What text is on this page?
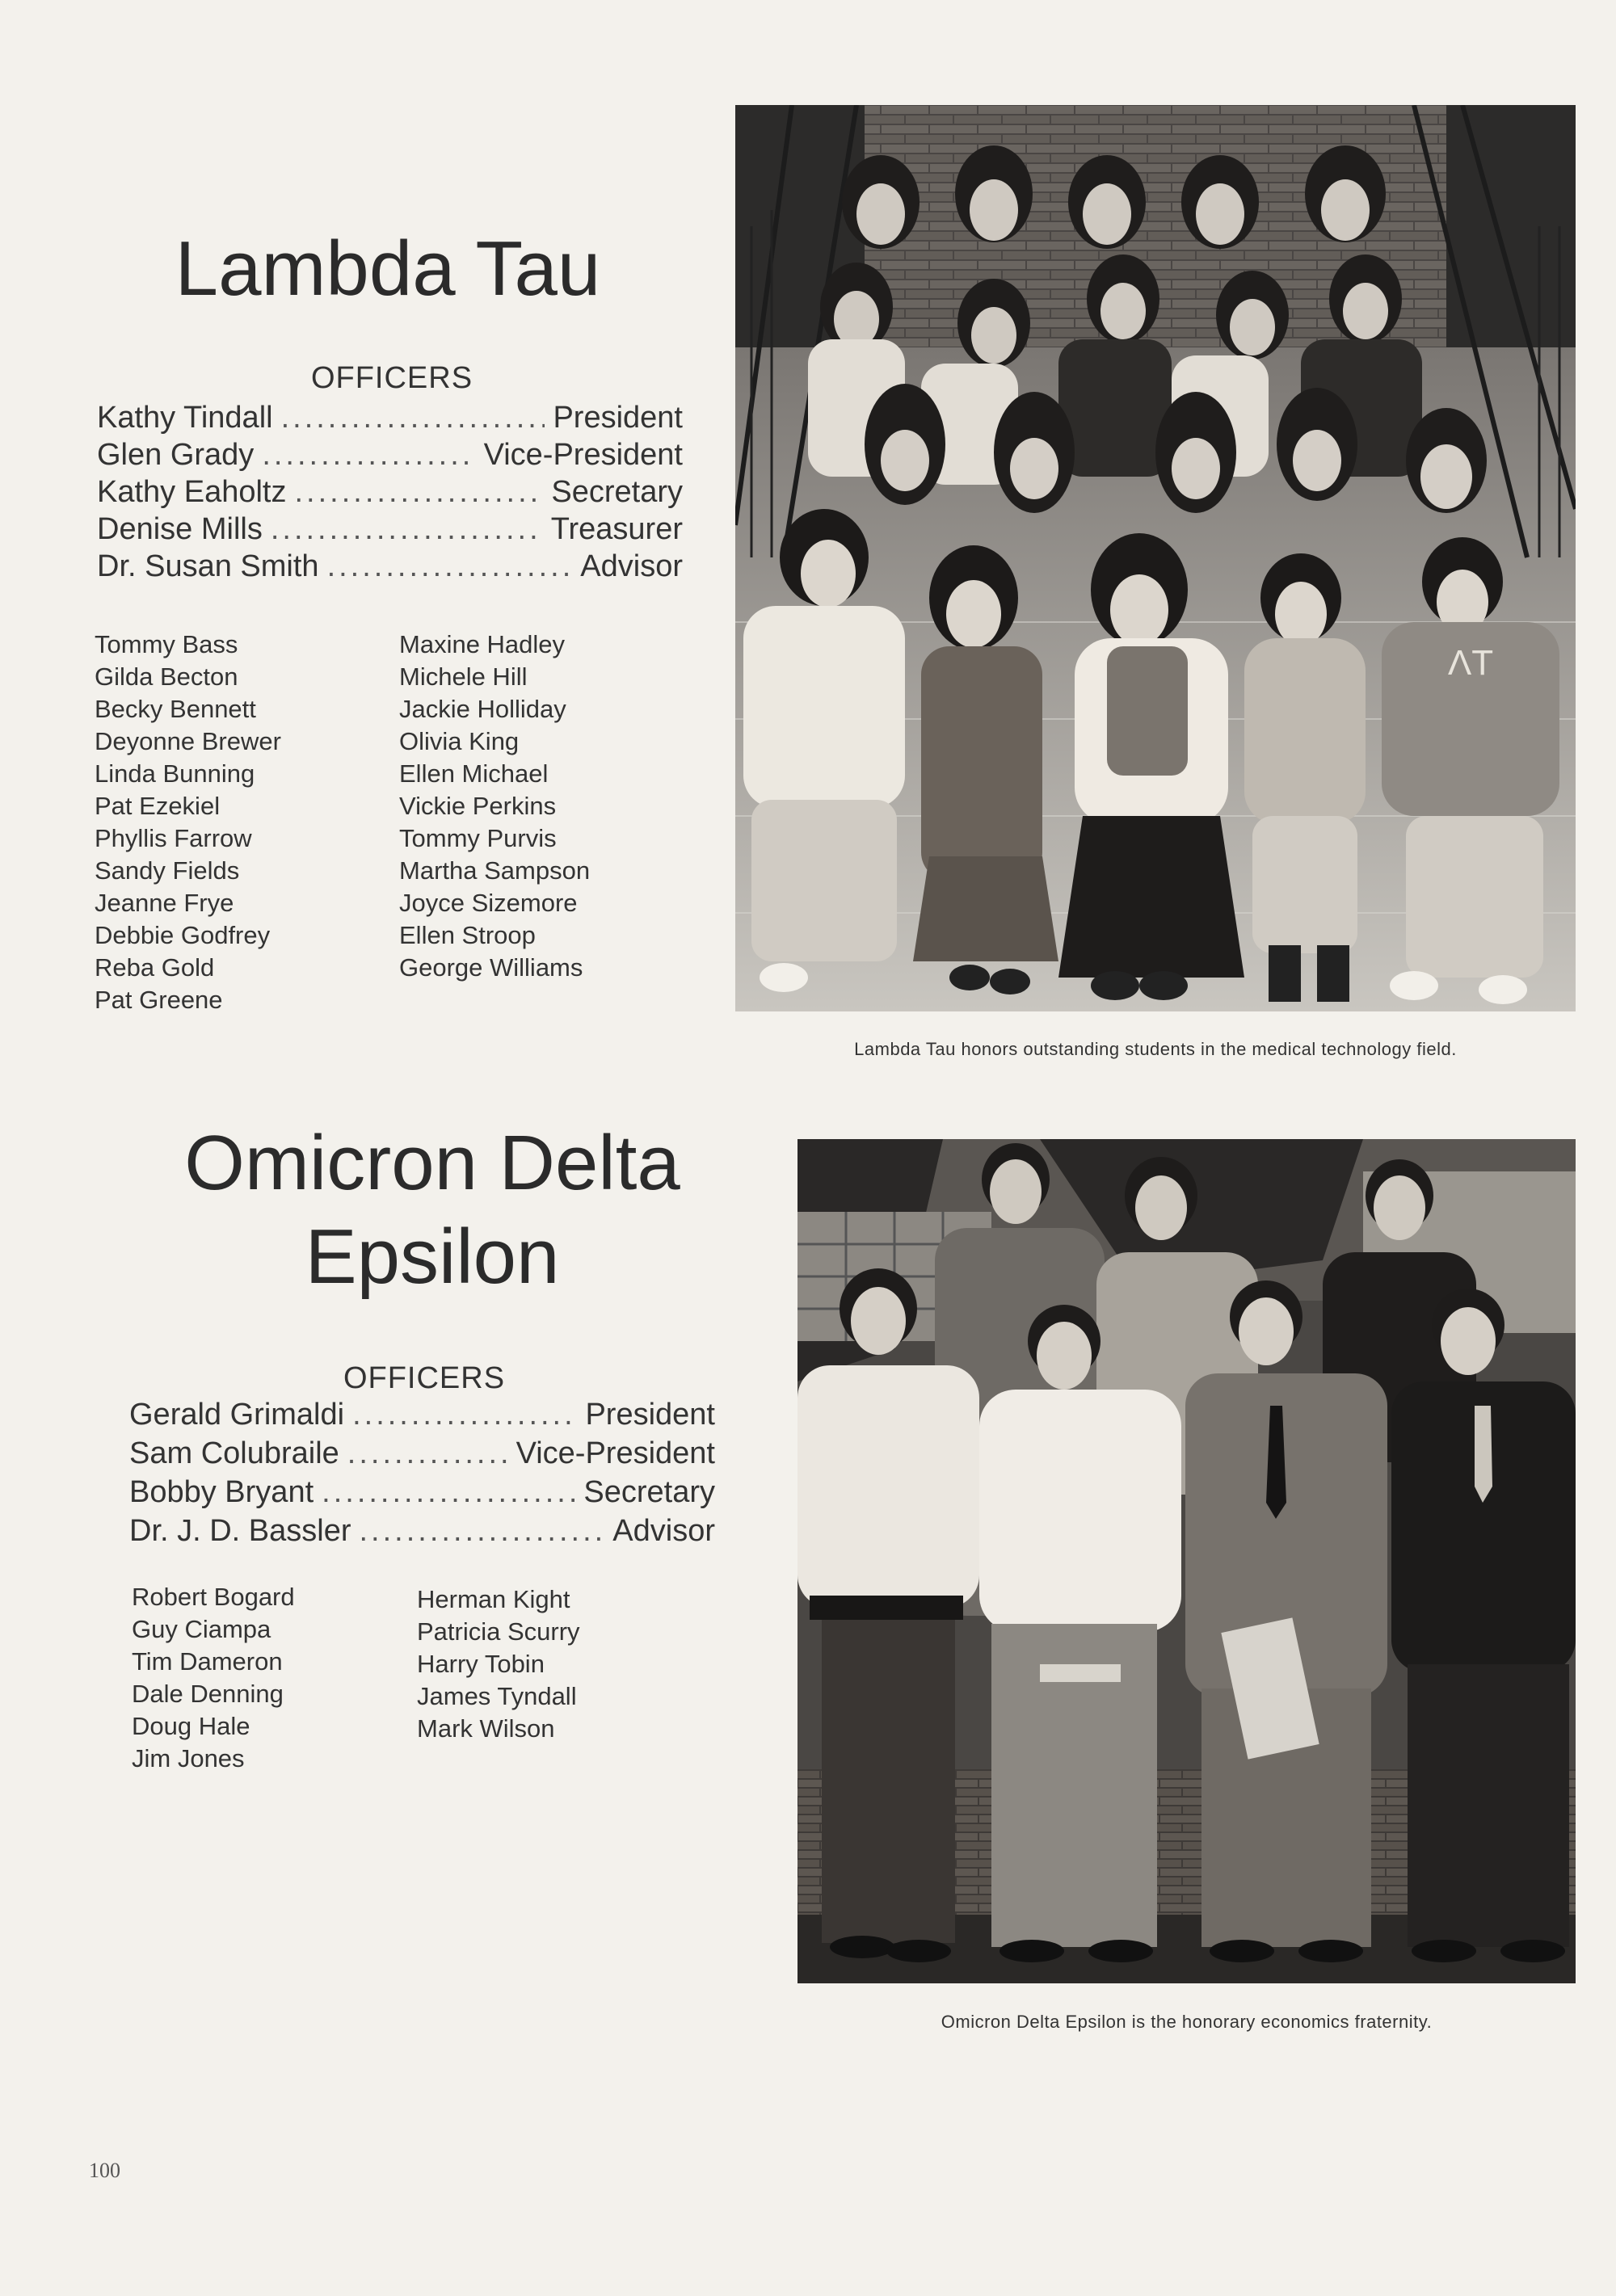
Lambda Tau
OFFICERS
Kathy Tindall .....	President
Glen Grady .....	Vice-President
Kathy Eaholtz .....	Secretary
Denise Mills .....	Treasurer
Dr. Susan Smith .....	Advisor
Tommy Bass
Gilda Becton
Becky Bennett
Deyonne Brewer
Linda Bunning
Pat Ezekiel
Phyllis Farrow
Sandy Fields
Jeanne Frye
Debbie Godfrey
Reba Gold
Pat Greene
Maxine Hadley
Michele Hill
Jackie Holliday
Olivia King
Ellen Michael
Vickie Perkins
Tommy Purvis
Martha Sampson
Joyce Sizemore
Ellen Stroop
George Williams
ΛT
Lambda Tau honors outstanding students in the medical technology field.
Omicron Delta
Epsilon
OFFICERS
Gerald Grimaldi .....	President
Sam Colubraile .....	Vice-President
Bobby Bryant .....	Secretary
Dr. J. D. Bassler .....	Advisor
Robert Bogard
Guy Ciampa
Tim Dameron
Dale Denning
Doug Hale
Jim Jones
Herman Kight
Patricia Scurry
Harry Tobin
James Tyndall
Mark Wilson
Omicron Delta Epsilon is the honorary economics fraternity.
100
